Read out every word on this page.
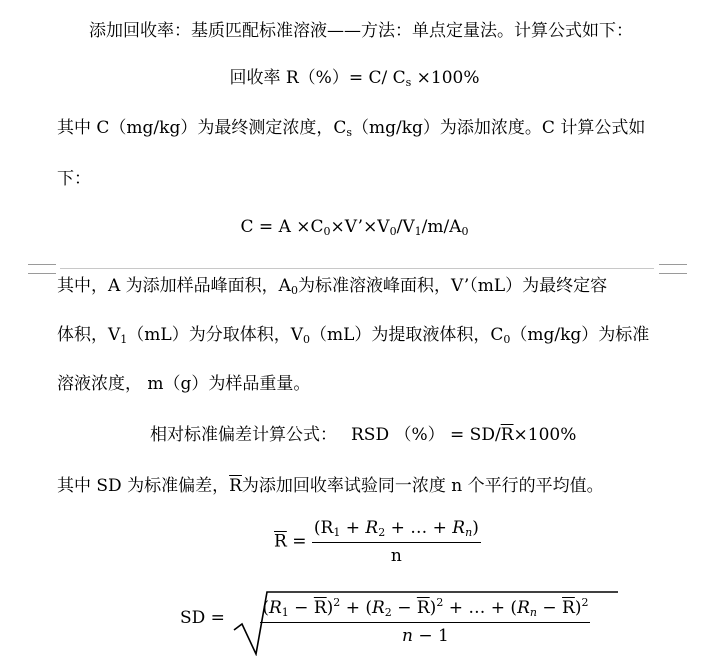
添加回收率：基质匹配标准溶液——方法：单点定量法。计算公式如下：
回收率 R（%）= C/ $C_s \times 100\%$
其中 C（mg/kg）为最终测定浓度，$C_s(mg/kg)$为添加浓度。C 计算公式如
下：
$C = A \times C_0\times V’\times V_0/V_1/m/A_0$
其中，A 为添加样品峰面积，$A_0$为标准溶液峰面积，V’（mL）为最终定容
体积，$V_1(mL)$为分取体积，$V_0(mL)$为提取液体积，$C_0(mg/kg)$为标准
溶液浓度， m（g）为样品重量。
相对标准偏差计算公式： RSD （%） = $SD/\overline{R}\times 100\%$
其中 SD 为标准偏差，$\overline{R}$为添加回收率试验同一浓度 n 个平行的平均值。
$\overline{R} = \frac{(R_1 + R_2 + \dots + R_n)}{n}$
SD = $\frac{(R_1 - \overline{R})^2 + (R_2 - \overline{R})^2 + \dots + (R_n - \overline{R})^2}{n - 1}$
